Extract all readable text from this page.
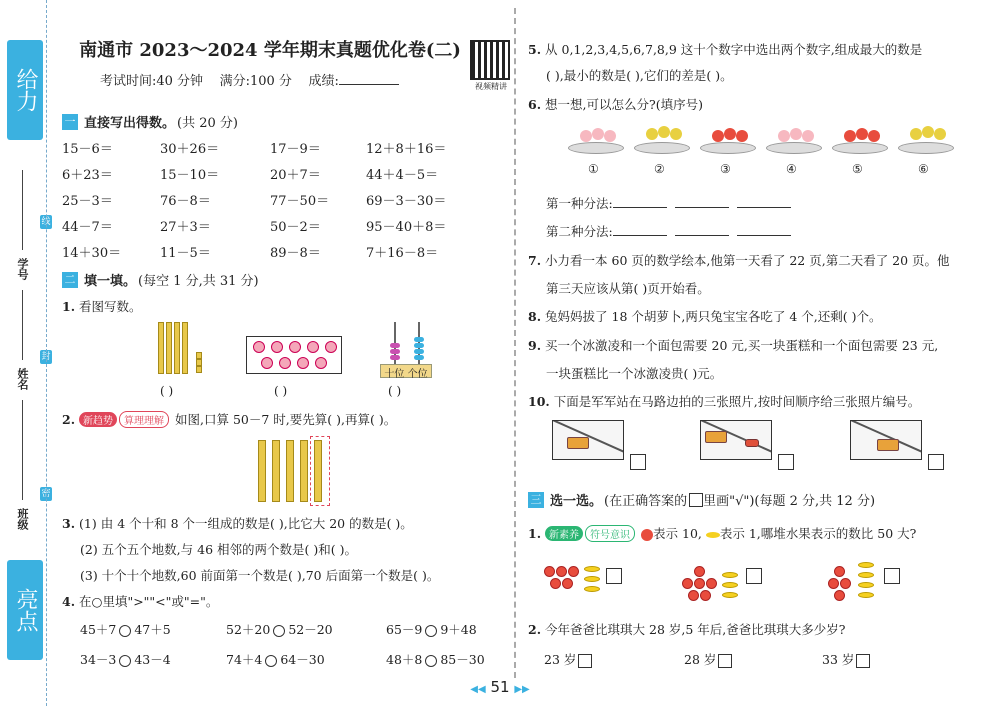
给力
学号
姓名
班级
线
封
密
亮点
南通市 2023～2024 学年期末真题优化卷(二)
考试时间:40 分钟 满分:100 分 成绩:	视频精讲
一 直接写出得数。 (共 20 分)
15－6＝	30＋26＝	17－9＝	12＋8＋16＝
6＋23＝	15－10＝	20＋7＝	44＋4－5＝
25－3＝	76－8＝	77－50＝	69－3－30＝
44－7＝	27＋3＝	50－2＝	95－40＋8＝
14＋30＝	11－5＝	89－8＝	7＋16－8＝
二 填一填。 (每空 1 分,共 31 分)
1. 看图写数。
( )	( )
十位 个位
( )
2. 新趋势 算理理解 如图,口算 50－7 时,要先算( ),再算( )。
3. (1) 由 4 个十和 8 个一组成的数是( ),比它大 20 的数是( )。
(2) 五个五个地数,与 46 相邻的两个数是( )和( )。
(3) 十个十个地数,60 前面第一个数是( ),70 后面第一个数是( )。
4. 在○里填">""<"或"="。
45＋7 47＋5	52＋20 52－20	65－9 9＋48
34－3 43－4	74＋4 64－30	48＋8 85－30
5. 从 0,1,2,3,4,5,6,7,8,9 这十个数字中选出两个数字,组成最大的数是
( ),最小的数是( ),它们的差是( )。
6. 想一想,可以怎么分?(填序号)
①	②	③	④	⑤	⑥
第一种分法:
第二种分法:
7. 小力看一本 60 页的数学绘本,他第一天看了 22 页,第二天看了 20 页。他
第三天应该从第( )页开始看。
8. 兔妈妈拔了 18 个胡萝卜,两只兔宝宝各吃了 4 个,还剩( )个。
9. 买一个冰激凌和一个面包需要 20 元,买一块蛋糕和一个面包需要 23 元,
一块蛋糕比一个冰激凌贵( )元。
10. 下面是军军站在马路边拍的三张照片,按时间顺序给三张照片编号。
三 选一选。 (在正确答案的 里画"√")(每题 2 分,共 12 分)
1. 新素养 符号意识 表示 10, 表示 1,哪堆水果表示的数比 50 大?
2. 今年爸爸比琪琪大 28 岁,5 年后,爸爸比琪琪大多少岁?
23 岁	28 岁	33 岁
◀◀ 51 ▶▶
